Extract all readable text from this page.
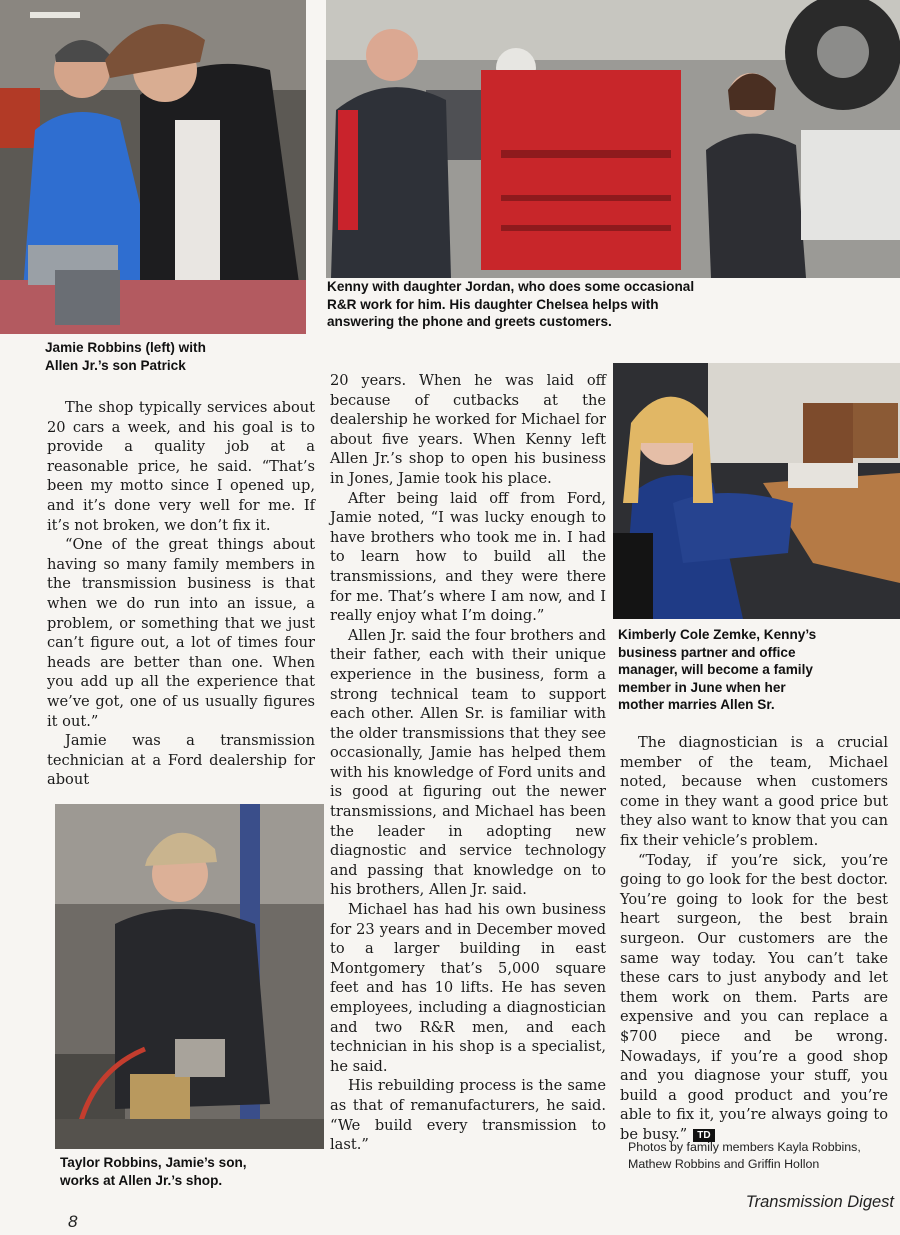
Jamie Robbins (left) with
Allen Jr.’s son Patrick
Kenny with daughter Jordan, who does some occasional
R&R work for him. His daughter Chelsea helps with
answering the phone and greets customers.

The shop typically services about 20 cars a week, and his goal is to provide a quality job at a reasonable price, he said. “That’s been my motto since I opened up, and it’s done very well for me. If it’s not broken, we don’t fix it.

“One of the great things about having so many family members in the transmission business is that when we do run into an issue, a problem, or something that we just can’t figure out, a lot of times four heads are better than one. When you add up all the experience that we’ve got, one of us usually figures it out.”

Jamie was a transmission technician at a Ford dealership for about

Taylor Robbins, Jamie’s son,
works at Allen Jr.’s shop.

20 years. When he was laid off because of cutbacks at the dealership he worked for Michael for about five years. When Kenny left Allen Jr.’s shop to open his business in Jones, Jamie took his place.

After being laid off from Ford, Jamie noted, “I was lucky enough to have brothers who took me in. I had to learn how to build all the transmissions, and they were there for me. That’s where I am now, and I really enjoy what I’m doing.”

Allen Jr. said the four brothers and their father, each with their unique experience in the business, form a strong technical team to support each other. Allen Sr. is familiar with the older transmissions that they see occasionally, Jamie has helped them with his knowledge of Ford units and is good at figuring out the newer transmissions, and Michael has been the leader in adopting new diagnostic and service technology and passing that knowledge on to his brothers, Allen Jr. said.

Michael has had his own business for 23 years and in December moved to a larger building in east Montgomery that’s 5,000 square feet and has 10 lifts. He has seven employees, including a diagnostician and two R&R men, and each technician in his shop is a specialist, he said.

His rebuilding process is the same as that of remanufacturers, he said. “We build every transmission to last.”

Kimberly Cole Zemke, Kenny’s
business partner and office
manager, will become a family
member in June when her
mother marries Allen Sr.

The diagnostician is a crucial member of the team, Michael noted, because when customers come in they want a good price but they also want to know that you can fix their vehicle’s problem.

“Today, if you’re sick, you’re going to go look for the best doctor. You’re going to look for the best heart surgeon, the best brain surgeon. Our customers are the same way today. You can’t take these cars to just anybody and let them work on them. Parts are expensive and you can replace a $700 piece and be wrong. Nowadays, if you’re a good shop and you diagnose your stuff, you build a good product and you’re able to fix it, you’re always going to be busy.” TD

Photos by family members Kayla Robbins,
Mathew Robbins and Griffin Hollon
8
Transmission Digest
